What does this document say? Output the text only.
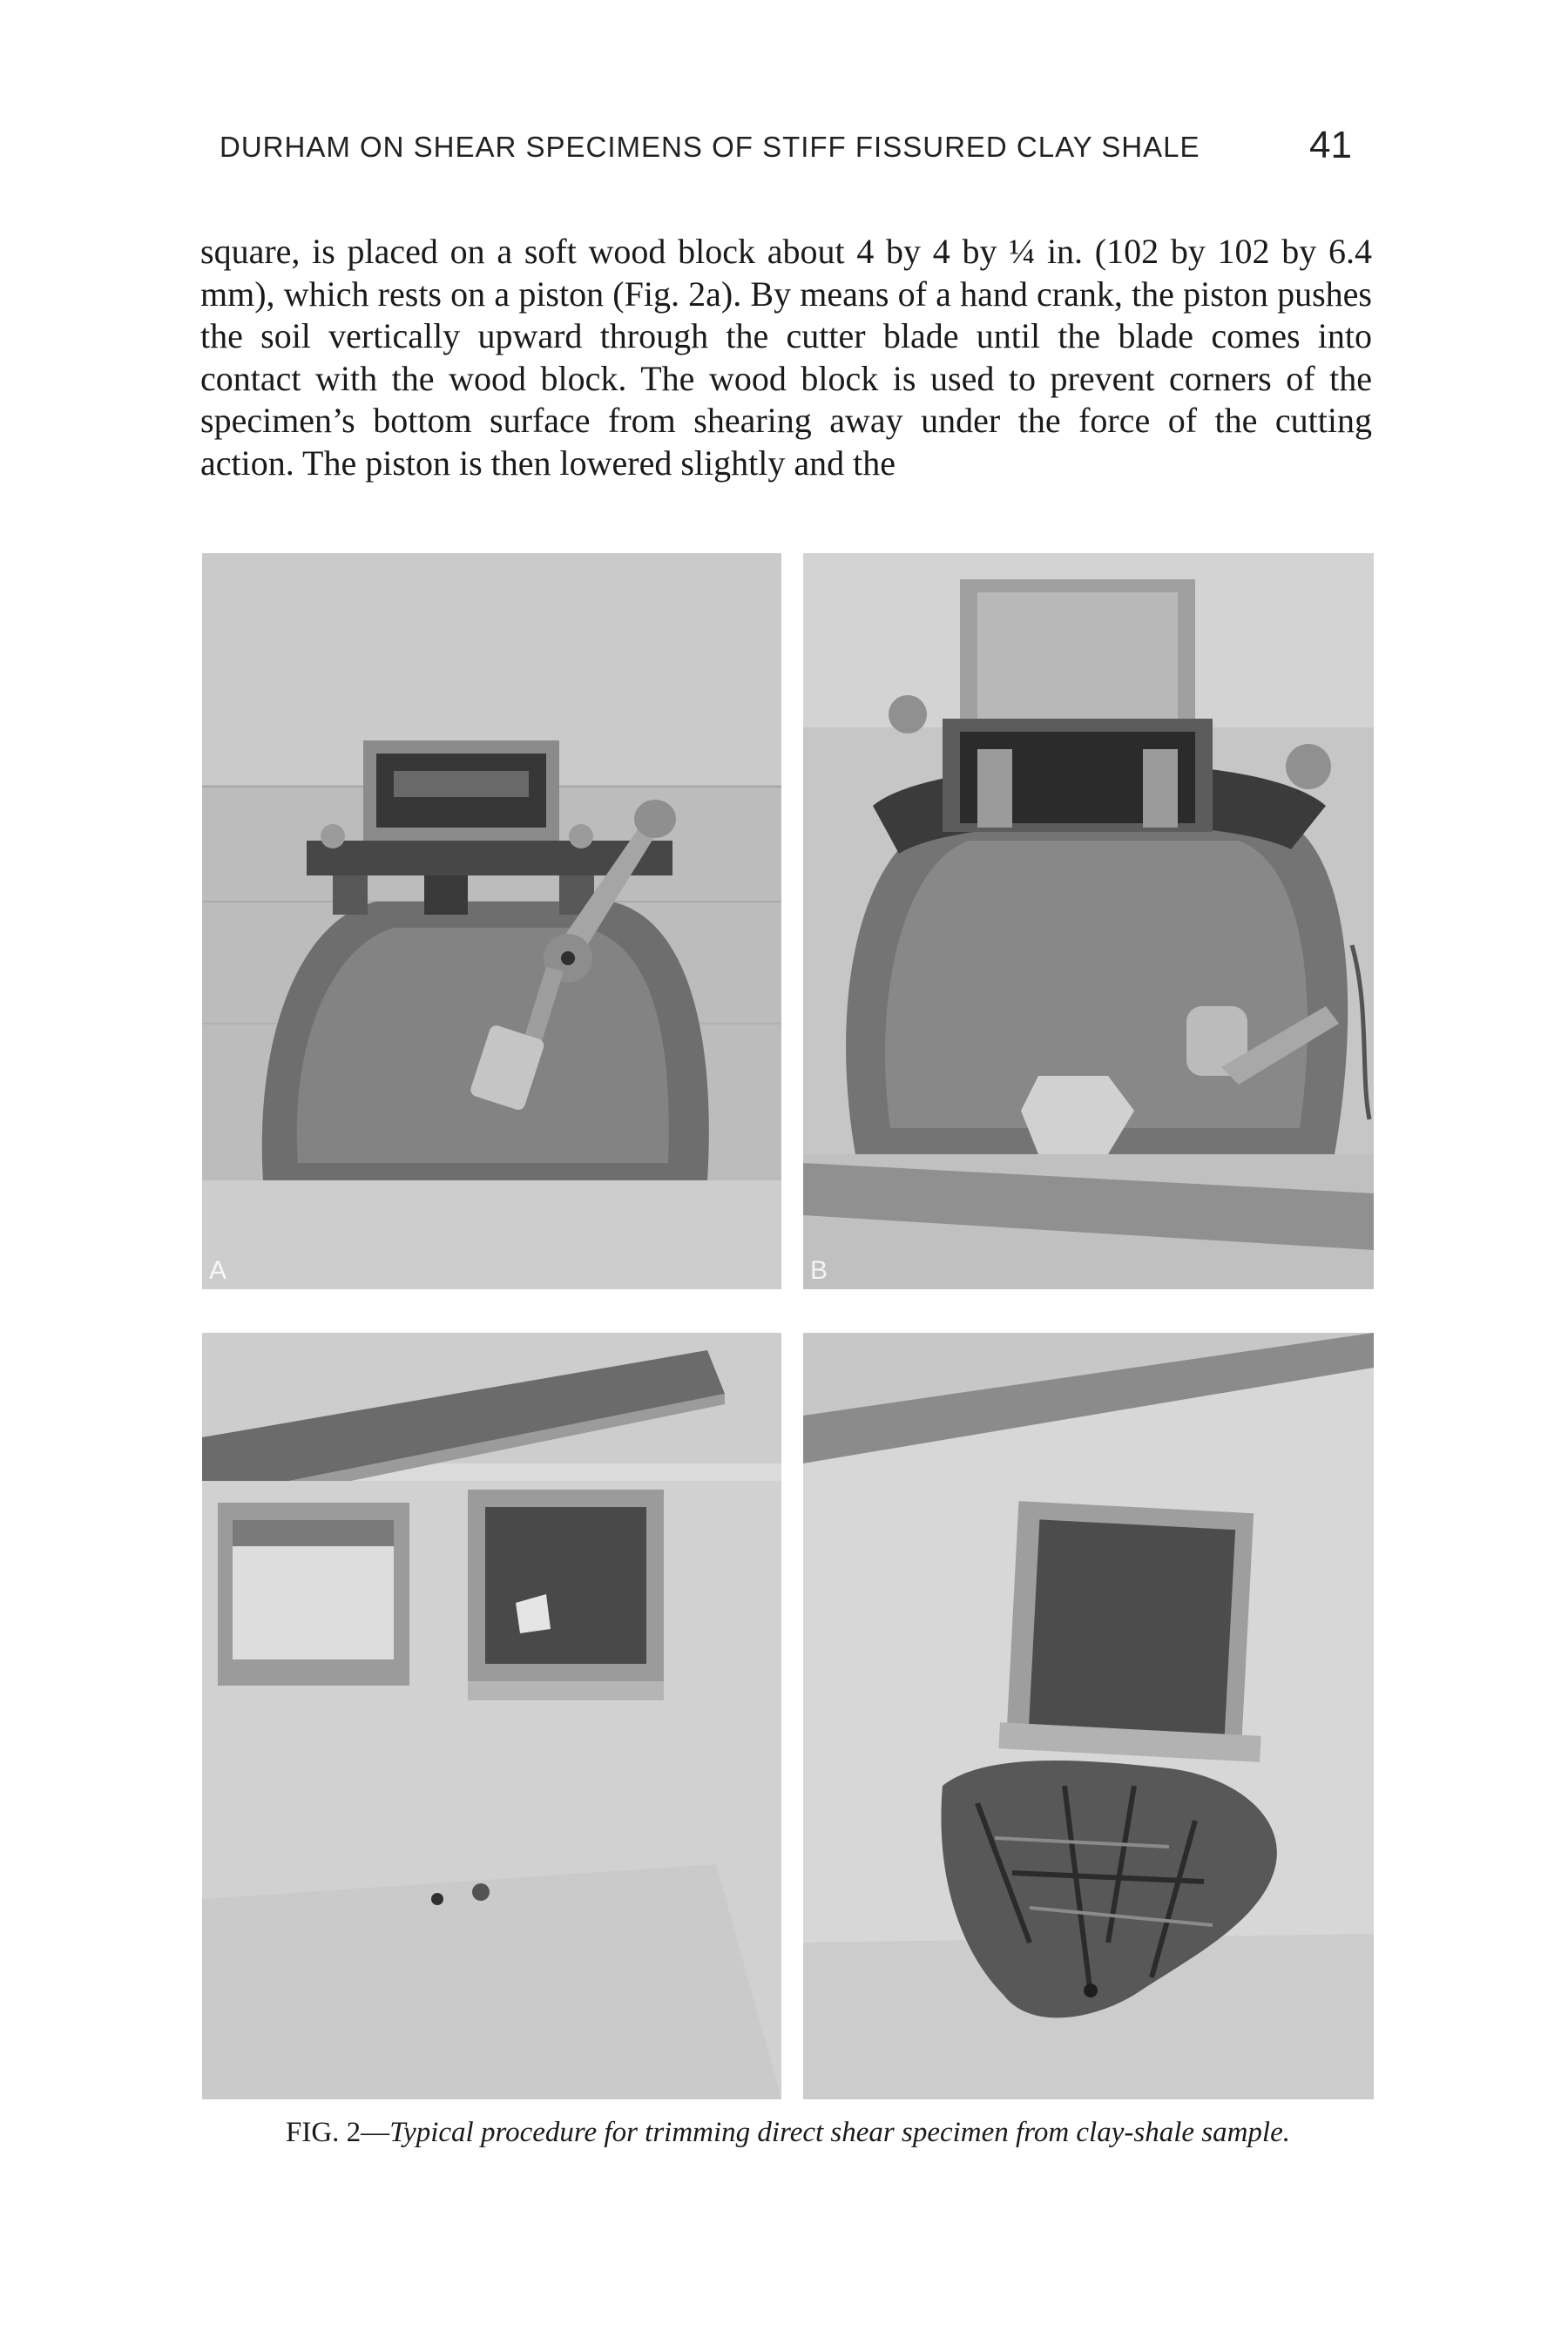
DURHAM ON SHEAR SPECIMENS OF STIFF FISSURED CLAY SHALE	41

square, is placed on a soft wood block about 4 by 4 by ¼ in. (102 by 102 by 6.4 mm), which rests on a piston (Fig. 2a). By means of a hand crank, the piston pushes the soil vertically upward through the cutter blade until the blade comes into contact with the wood block. The wood block is used to prevent corners of the specimen’s bottom surface from shearing away under the force of the cutting action. The piston is then lowered slightly and the

A	B
FIG. 2—Typical procedure for trimming direct shear specimen from clay-shale sample.
